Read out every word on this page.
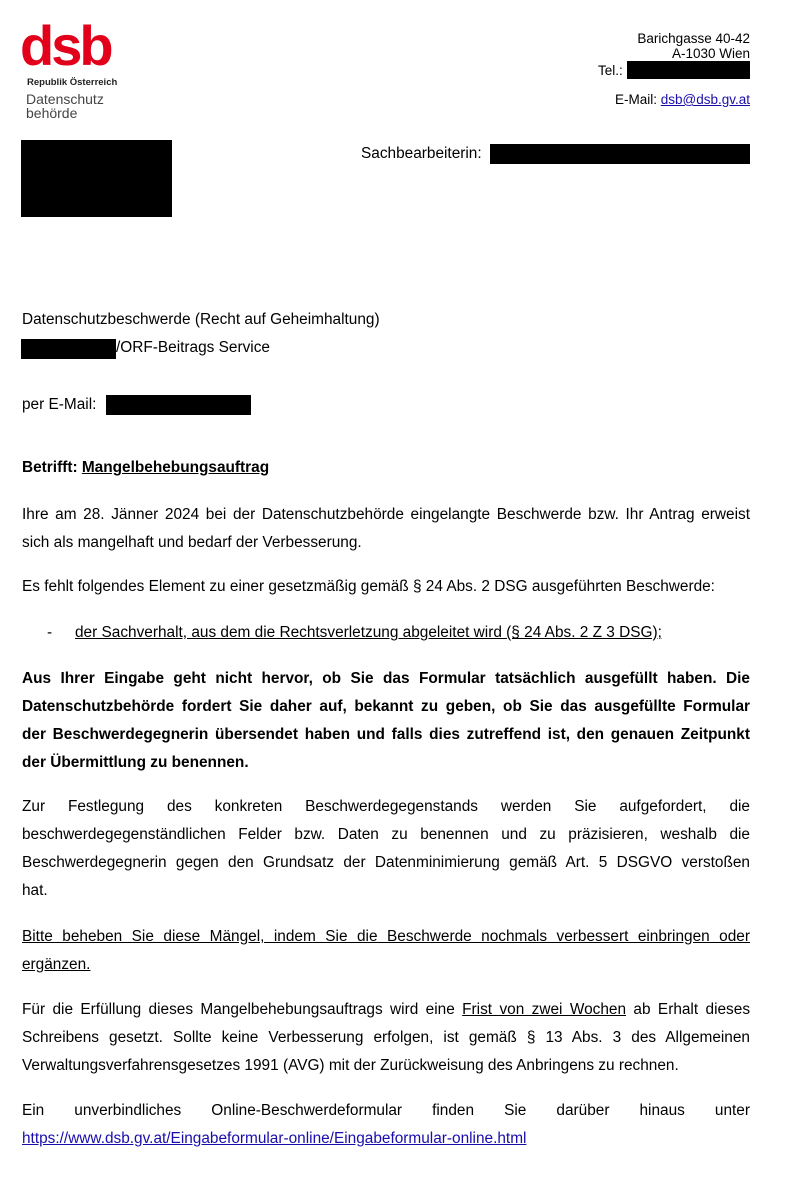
dsb
Republik Österreich
Datenschutz
behörde
Barichgasse 40-42
A-1030 Wien
Tel.:
E-Mail: dsb@dsb.gv.at
Sachbearbeiterin:
Datenschutzbeschwerde (Recht auf Geheimhaltung)
/ORF-Beitrags Service
per E-Mail:
Betrifft: Mangelbehebungsauftrag
Ihre am 28. Jänner 2024 bei der Datenschutzbehörde eingelangte Beschwerde bzw. Ihr Antrag erweist
sich als mangelhaft und bedarf der Verbesserung.
Es fehlt folgendes Element zu einer gesetzmäßig gemäß § 24 Abs. 2 DSG ausgeführten Beschwerde:
- der Sachverhalt, aus dem die Rechtsverletzung abgeleitet wird (§ 24 Abs. 2 Z 3 DSG);
Aus Ihrer Eingabe geht nicht hervor, ob Sie das Formular tatsächlich ausgefüllt haben. Die
Datenschutzbehörde fordert Sie daher auf, bekannt zu geben, ob Sie das ausgefüllte Formular
der Beschwerdegegnerin übersendet haben und falls dies zutreffend ist, den genauen Zeitpunkt
der Übermittlung zu benennen.
Zur Festlegung des konkreten Beschwerdegegenstands werden Sie aufgefordert, die
beschwerdegegenständlichen Felder bzw. Daten zu benennen und zu präzisieren, weshalb die
Beschwerdegegnerin gegen den Grundsatz der Datenminimierung gemäß Art. 5 DSGVO verstoßen
hat.
Bitte beheben Sie diese Mängel, indem Sie die Beschwerde nochmals verbessert einbringen oder
ergänzen.
Für die Erfüllung dieses Mangelbehebungsauftrags wird eine Frist von zwei Wochen ab Erhalt dieses
Schreibens gesetzt. Sollte keine Verbesserung erfolgen, ist gemäß § 13 Abs. 3 des Allgemeinen
Verwaltungsverfahrensgesetzes 1991 (AVG) mit der Zurückweisung des Anbringens zu rechnen.
Ein unverbindliches Online-Beschwerdeformular finden Sie darüber hinaus unter
https://www.dsb.gv.at/Eingabeformular-online/Eingabeformular-online.html
